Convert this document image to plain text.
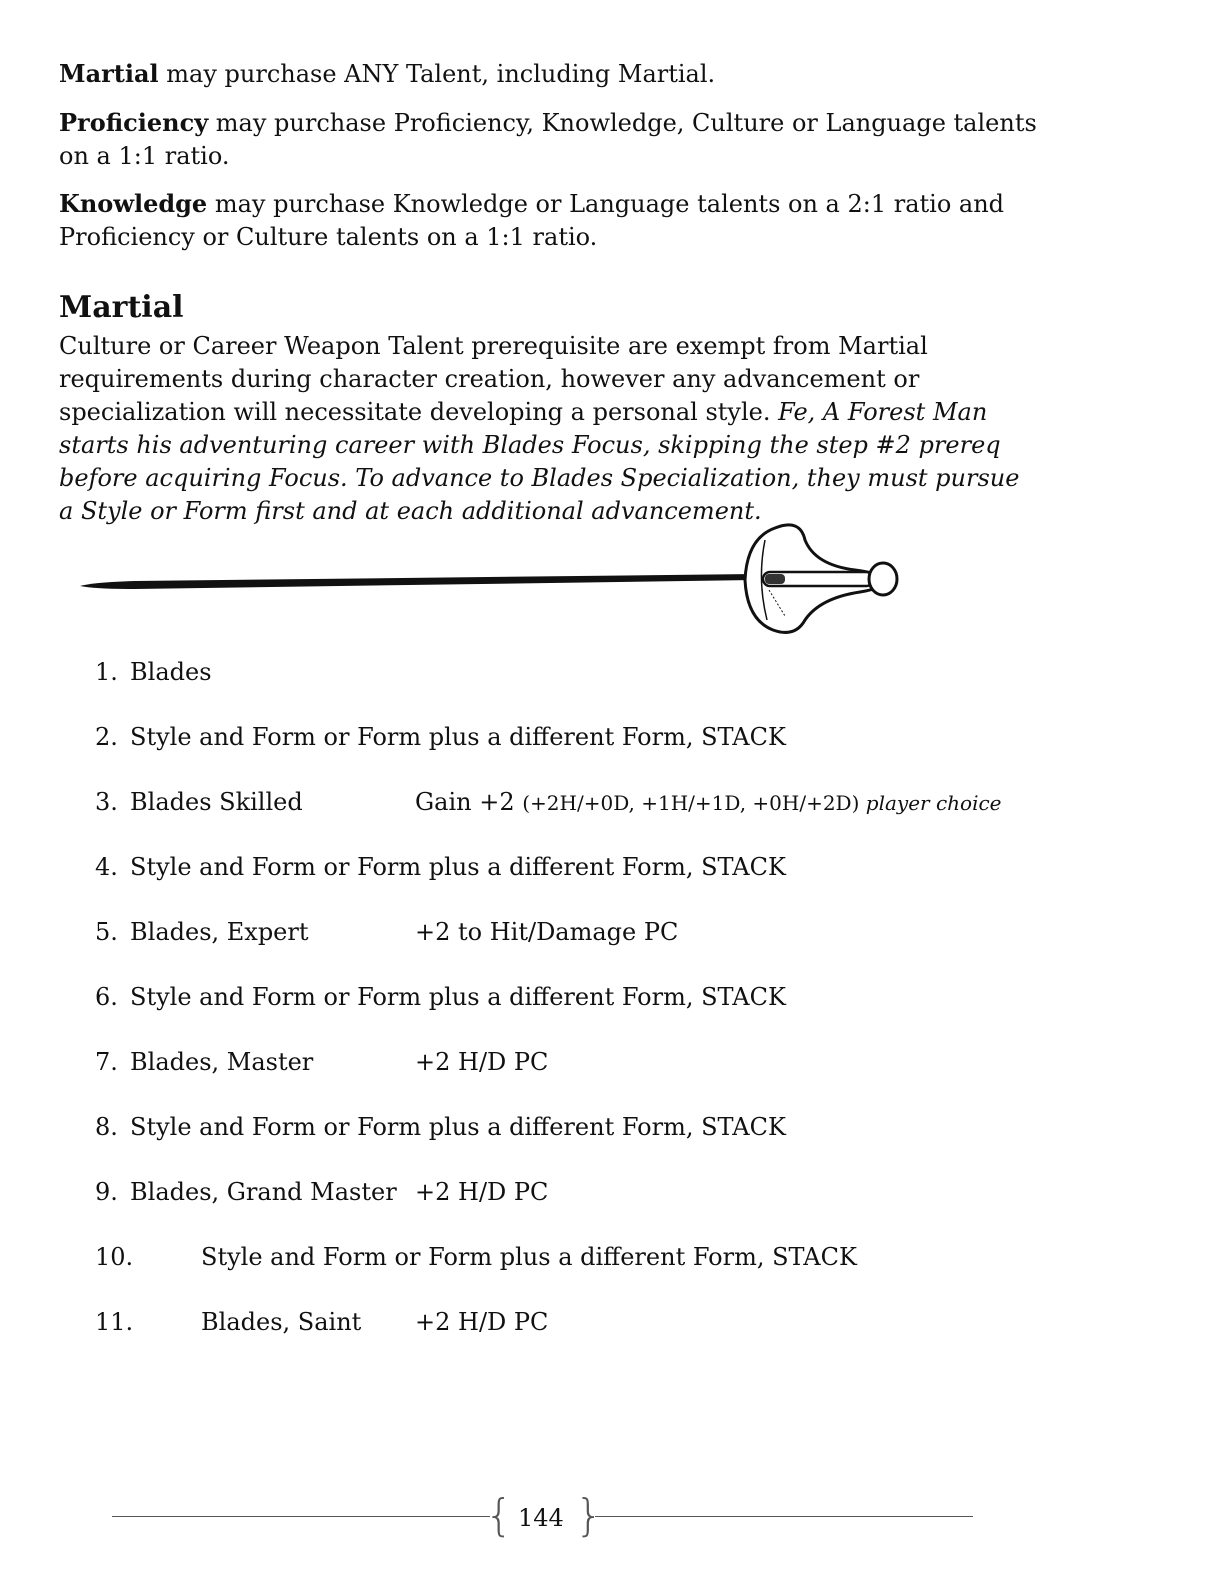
Martial may purchase ANY Talent, including Martial.

Proficiency may purchase Proficiency, Knowledge, Culture or Language talents on a 1:1 ratio.

Knowledge may purchase Knowledge or Language talents on a 2:1 ratio and Proficiency or Culture talents on a 1:1 ratio.

Martial

Culture or Career Weapon Talent prerequisite are exempt from Martial requirements during character creation, however any advancement or specialization will necessitate developing a personal style. Fe, A Forest Man starts his adventuring career with Blades Focus, skipping the step #2 prereq before acquiring Focus. To advance to Blades Specialization, they must pursue a Style or Form first and at each additional advancement.

1. Blades
2. Style and Form or Form plus a different Form, STACK
3. Blades Skilled	Gain +2 (+2H/+0D, +1H/+1D, +0H/+2D) player choice
4. Style and Form or Form plus a different Form, STACK
5. Blades, Expert	+2 to Hit/Damage PC
6. Style and Form or Form plus a different Form, STACK
7. Blades, Master	+2 H/D PC
8. Style and Form or Form plus a different Form, STACK
9. Blades, Grand Master +2 H/D PC
10.	Style and Form or Form plus a different Form, STACK
11.	Blades, Saint +2 H/D PC
{ 144 }
